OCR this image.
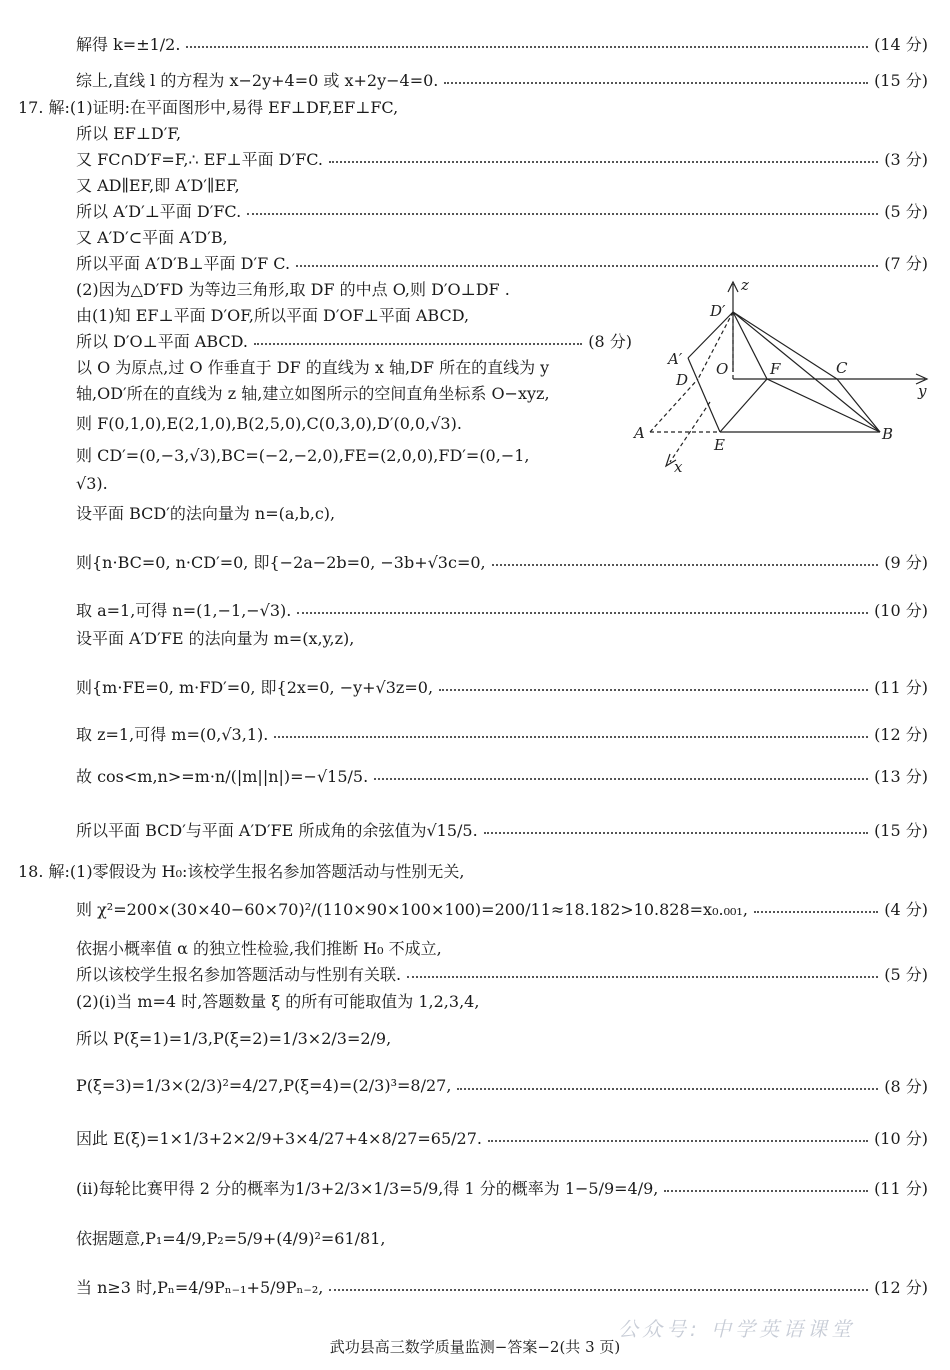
解得 k=±1/2.	(14 分)
综上,直线 l 的方程为 x−2y+4=0 或 x+2y−4=0.	(15 分)
17. 解:(1)证明:在平面图形中,易得 EF⊥DF,EF⊥FC,
所以 EF⊥D′F,
又 FC∩D′F=F,∴ EF⊥平面 D′FC.	(3 分)
又 AD∥EF,即 A′D′∥EF,
所以 A′D′⊥平面 D′FC.	(5 分)
又 A′D′⊂平面 A′D′B,
所以平面 A′D′B⊥平面 D′F C.	(7 分)
(2)因为△D′FD 为等边三角形,取 DF 的中点 O,则 D′O⊥DF .
由(1)知 EF⊥平面 D′OF,所以平面 D′OF⊥平面 ABCD,
所以 D′O⊥平面 ABCD.	(8 分)
以 O 为原点,过 O 作垂直于 DF 的直线为 x 轴,DF 所在的直线为 y
轴,OD′所在的直线为 z 轴,建立如图所示的空间直角坐标系 O−xyz,
则 F(0,1,0),E(2,1,0),B(2,5,0),C(0,3,0),D′(0,0,√3).
则 CD′=(0,−3,√3),BC=(−2,−2,0),FE=(2,0,0),FD′=(0,−1,
√3).
设平面 BCD′的法向量为 n=(a,b,c),
则{n·BC=0, n·CD′=0, 即{−2a−2b=0, −3b+√3c=0,	(9 分)
取 a=1,可得 n=(1,−1,−√3).	(10 分)
设平面 A′D′FE 的法向量为 m=(x,y,z),
则{m·FE=0, m·FD′=0, 即{2x=0, −y+√3z=0,	(11 分)
取 z=1,可得 m=(0,√3,1).	(12 分)
故 cos<m,n>=m·n/(|m||n|)=−√15/5.	(13 分)
所以平面 BCD′与平面 A′D′FE 所成角的余弦值为√15/5.	(15 分)
18. 解:(1)零假设为 H₀:该校学生报名参加答题活动与性别无关,
则 χ²=200×(30×40−60×70)²/(110×90×100×100)=200/11≈18.182>10.828=x₀.₀₀₁,	(4 分)
依据小概率值 α 的独立性检验,我们推断 H₀ 不成立,
所以该校学生报名参加答题活动与性别有关联.	(5 分)
(2)(i)当 m=4 时,答题数量 ξ 的所有可能取值为 1,2,3,4,
所以 P(ξ=1)=1/3,P(ξ=2)=1/3×2/3=2/9,
P(ξ=3)=1/3×(2/3)²=4/27,P(ξ=4)=(2/3)³=8/27,	(8 分)
因此 E(ξ)=1×1/3+2×2/9+3×4/27+4×8/27=65/27.	(10 分)
(ii)每轮比赛甲得 2 分的概率为1/3+2/3×1/3=5/9,得 1 分的概率为 1−5/9=4/9,	(11 分)
依据题意,P₁=4/9,P₂=5/9+(4/9)²=61/81,
当 n≥3 时,Pₙ=4/9Pₙ₋₁+5/9Pₙ₋₂,	(12 分)
z
y
x
D′
A′
D
O	F	C
A
E
B
公众号: 中学英语课堂
武功县高三数学质量监测−答案−2(共 3 页)
